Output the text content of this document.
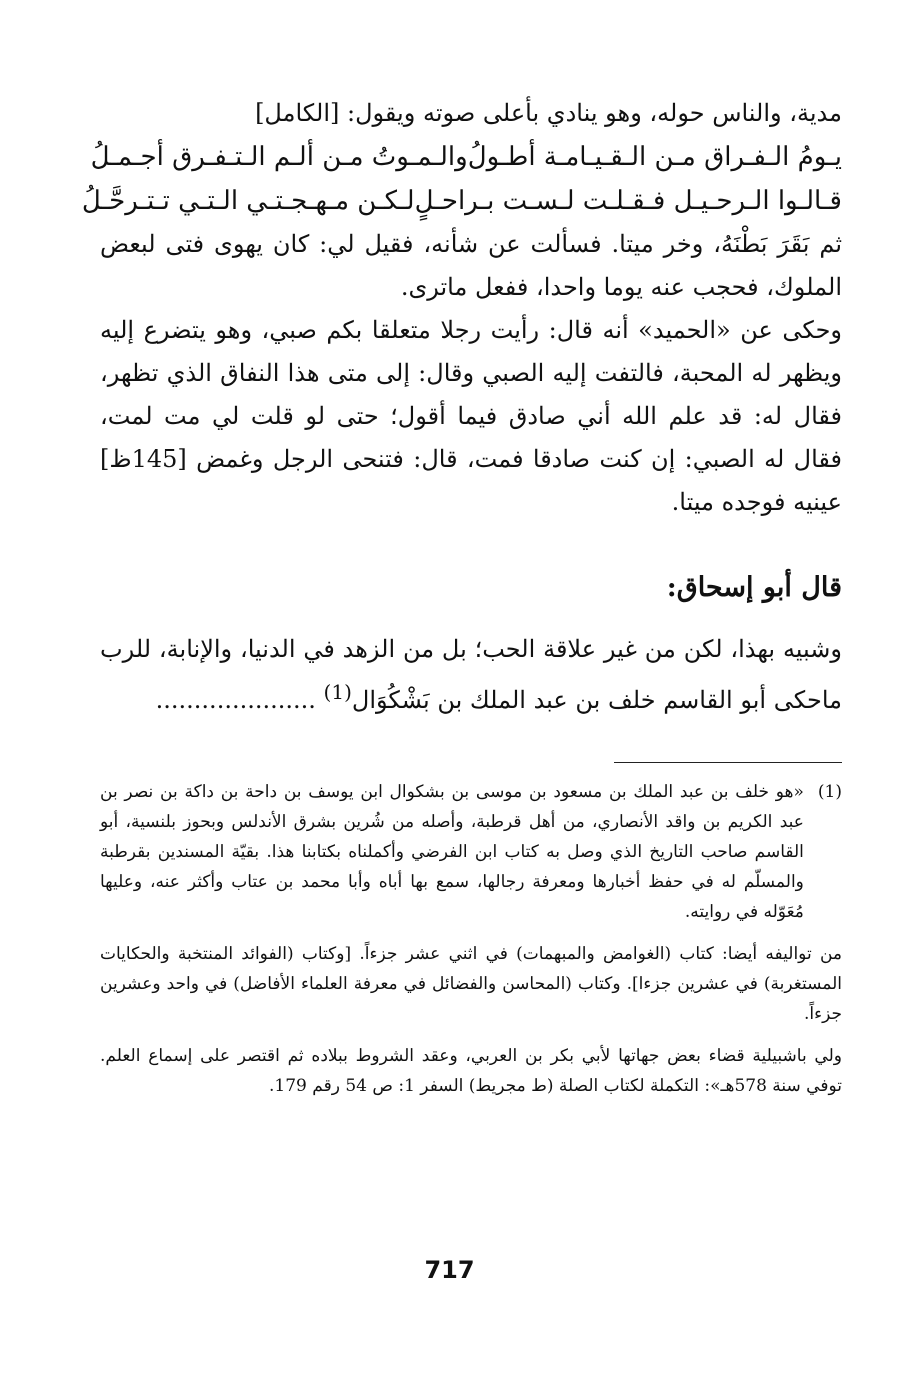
مدية، والناس حوله، وهو ينادي بأعلى صوته ويقول: [الكامل]

يـومُ الـفـراق مـن الـقـيـامـة أطـولُ
والـمـوتُ مـن ألـم الـتـفـرق أجـمـلُ
قـالـوا الـرحـيـل فـقـلـت لـسـت بـراحـلٍ
لـكـن مـهـجـتـي الـتـي تـتـرحَّـلُ

ثم بَقَرَ بَطْنَهُ، وخر ميتا. فسألت عن شأنه، فقيل لي: كان يهوى فتى لبعض الملوك، فحجب عنه يوما واحدا، ففعل ماترى.

وحكى عن «الحميد» أنه قال: رأيت رجلا متعلقا بكم صبي، وهو يتضرع إليه ويظهر له المحبة، فالتفت إليه الصبي وقال: إلى متى هذا النفاق الذي تظهر، فقال له: قد علم الله أني صادق فيما أقول؛ حتى لو قلت لي مت لمت، فقال له الصبي: إن كنت صادقا فمت، قال: فتنحى الرجل وغمض [145ظ] عينيه فوجده ميتا.

قال أبو إسحاق:

وشبيه بهذا، لكن من غير علاقة الحب؛ بل من الزهد في الدنيا، والإنابة، للرب ماحكى أبو القاسم خلف بن عبد الملك بن بَشْكُوَال$^{(1)}$ .....................

(1)

«هو خلف بن عبد الملك بن مسعود بن موسى بن بشكوال ابن يوسف بن داحة بن داكة بن نصر بن عبد الكريم بن واقد الأنصاري، من أهل قرطبة، وأصله من شُرين بشرق الأندلس وبحوز بلنسية، أبو القاسم صاحب التاريخ الذي وصل به كتاب ابن الفرضي وأكملناه بكتابنا هذا. بقيّة المسندين بقرطبة والمسلّم له في حفظ أخبارها ومعرفة رجالها، سمع بها أباه وأبا محمد بن عتاب وأكثر عنه، وعليها مُعَوّله في روايته.

من تواليفه أيضا: كتاب (الغوامض والمبهمات) في اثني عشر جزءاً. [وكتاب (الفوائد المنتخبة والحكايات المستغربة) في عشرين جزءا]. وكتاب (المحاسن والفضائل في معرفة العلماء الأفاضل) في واحد وعشرين جزءاً.

ولي باشبيلية قضاء بعض جهاتها لأبي بكر بن العربي، وعقد الشروط ببلاده ثم اقتصر على إسماع العلم. توفي سنة 578هـ»: التكملة لكتاب الصلة (ط مجريط) السفر 1: ص 54 رقم 179.

717
